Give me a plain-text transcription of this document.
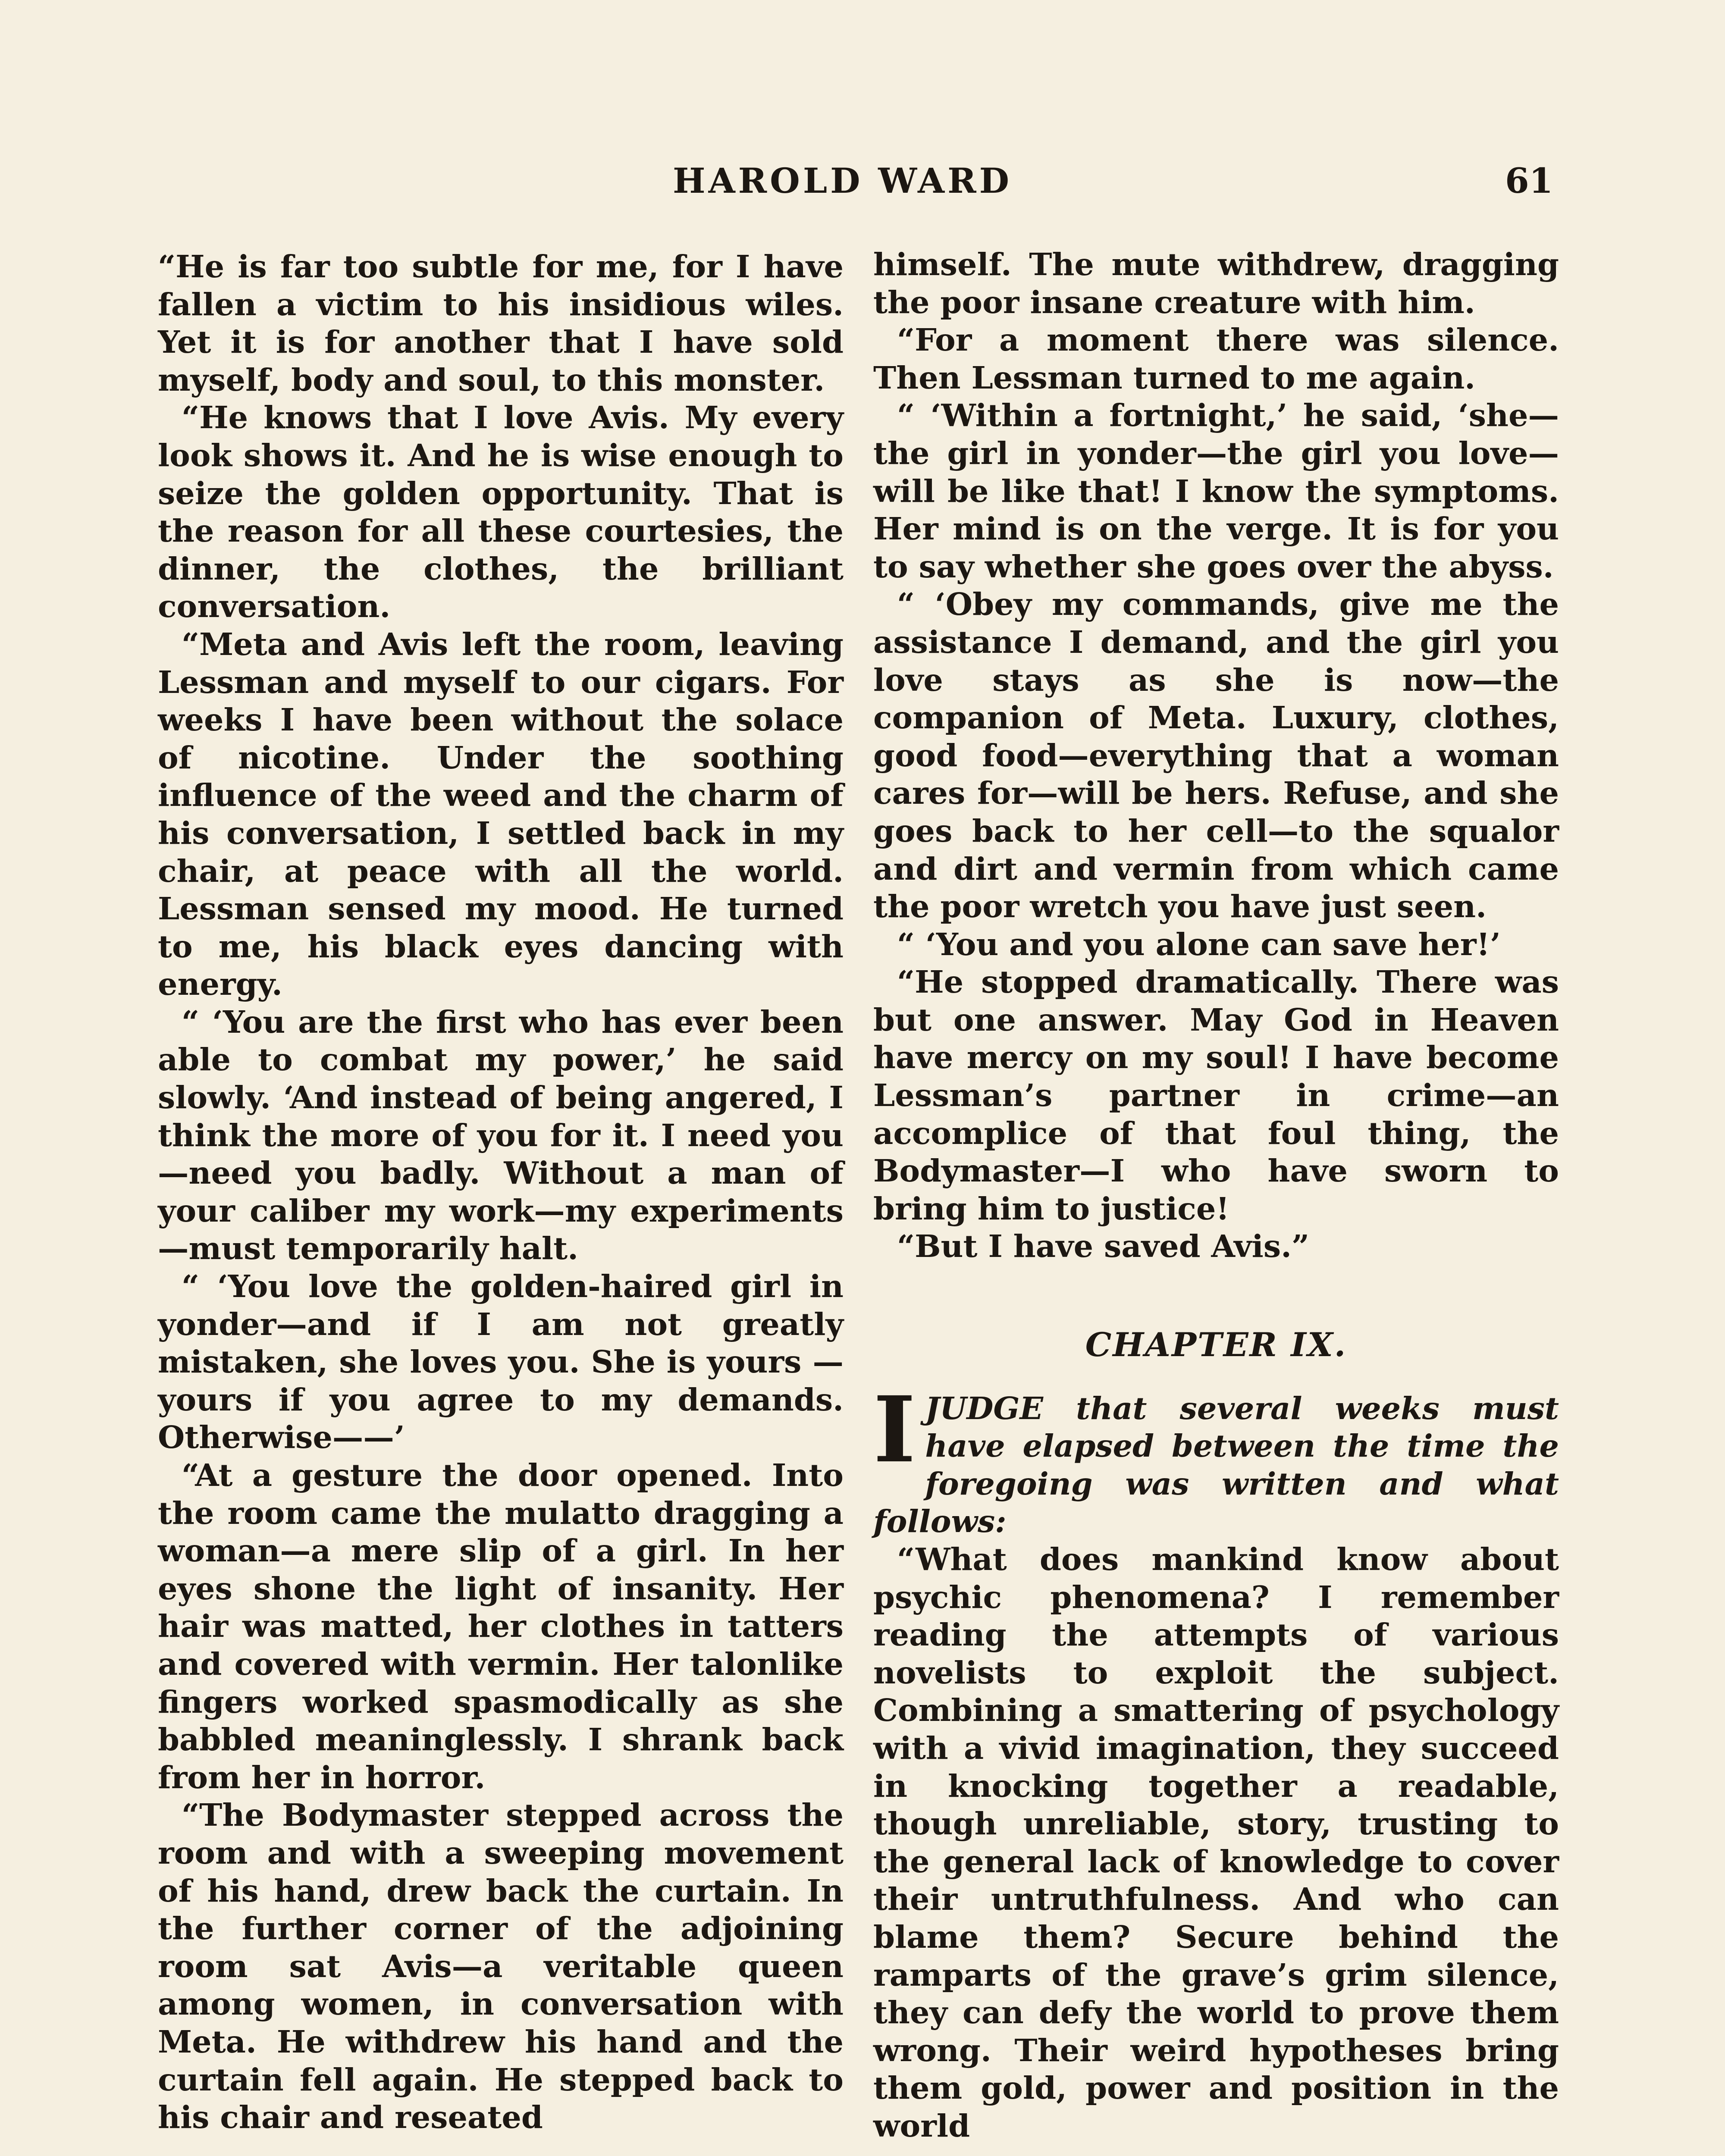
HAROLD WARD	61

“He is far too subtle for me, for I have fallen a victim to his insidious wiles. Yet it is for another that I have sold myself, body and soul, to this monster.

“He knows that I love Avis. My every look shows it. And he is wise enough to seize the golden opportunity. That is the reason for all these courtesies, the dinner, the clothes, the brilliant conversation.

“Meta and Avis left the room, leaving Lessman and myself to our cigars. For weeks I have been without the solace of nicotine. Under the soothing influence of the weed and the charm of his conversation, I settled back in my chair, at peace with all the world. Lessman sensed my mood. He turned to me, his black eyes dancing with energy.

“ ‘You are the first who has ever been able to combat my power,’ he said slowly. ‘And instead of being angered, I think the more of you for it. I need you—need you badly. Without a man of your caliber my work—my experiments—must temporarily halt.

“ ‘You love the golden-haired girl in yonder—and if I am not greatly mistaken, she loves you. She is yours —yours if you agree to my demands. Otherwise——’

“At a gesture the door opened. Into the room came the mulatto dragging a woman—a mere slip of a girl. In her eyes shone the light of insanity. Her hair was matted, her clothes in tatters and covered with vermin. Her talonlike fingers worked spasmodically as she babbled meaninglessly. I shrank back from her in horror.

“The Bodymaster stepped across the room and with a sweeping movement of his hand, drew back the curtain. In the further corner of the adjoining room sat Avis—a veritable queen among women, in conversation with Meta. He withdrew his hand and the curtain fell again. He stepped back to his chair and reseated

himself. The mute withdrew, dragging the poor insane creature with him.

“For a moment there was silence. Then Lessman turned to me again.

“ ‘Within a fortnight,’ he said, ‘she—the girl in yonder—the girl you love—will be like that! I know the symptoms. Her mind is on the verge. It is for you to say whether she goes over the abyss.

“ ‘Obey my commands, give me the assistance I demand, and the girl you love stays as she is now—the companion of Meta. Luxury, clothes, good food—everything that a woman cares for—will be hers. Refuse, and she goes back to her cell—to the squalor and dirt and vermin from which came the poor wretch you have just seen.

“ ‘You and you alone can save her!’

“He stopped dramatically. There was but one answer. May God in Heaven have mercy on my soul! I have become Lessman’s partner in crime—an accomplice of that foul thing, the Bodymaster—I who have sworn to bring him to justice!

“But I have saved Avis.”

CHAPTER IX.

I JUDGE that several weeks must have elapsed between the time the foregoing was written and what follows:

“What does mankind know about psychic phenomena? I remember reading the attempts of various novelists to exploit the subject. Combining a smattering of psychology with a vivid imagination, they succeed in knocking together a readable, though unreliable, story, trusting to the general lack of knowledge to cover their untruthfulness. And who can blame them? Secure behind the ramparts of the grave’s grim silence, they can defy the world to prove them wrong. Their weird hypotheses bring them gold, power and position in the world
